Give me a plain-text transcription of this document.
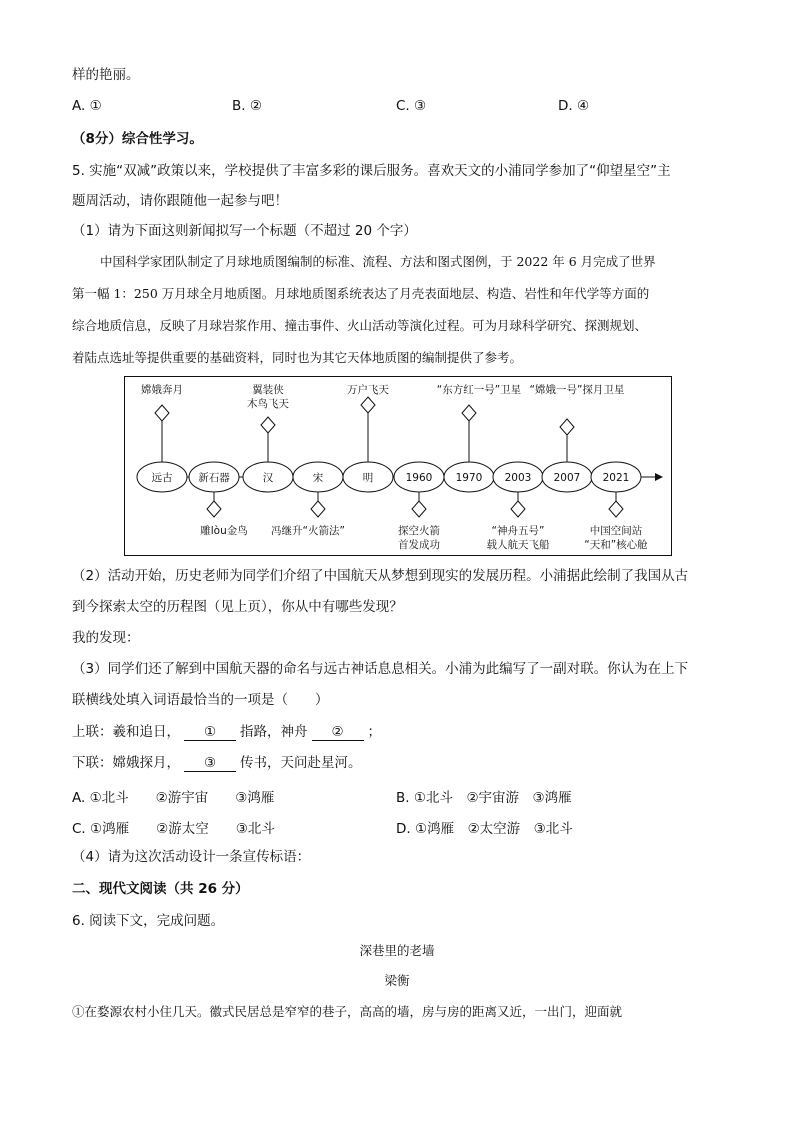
样的艳丽。
A. ①	B. ②	C. ③	D. ④
（8分）综合性学习。
5. 实施“双减”政策以来，学校提供了丰富多彩的课后服务。喜欢天文的小浦同学参加了“仰望星空”主
题周活动，请你跟随他一起参与吧！
（1）请为下面这则新闻拟写一个标题（不超过 20 个字）
中国科学家团队制定了月球地质图编制的标准、流程、方法和图式图例，于 2022 年 6 月完成了世界
第一幅 1：250 万月球全月地质图。月球地质图系统表达了月壳表面地层、构造、岩性和年代学等方面的
综合地质信息，反映了月球岩浆作用、撞击事件、火山活动等演化过程。可为月球科学研究、探测规划、
着陆点选址等提供重要的基础资料，同时也为其它天体地质图的编制提供了参考。
远古 新石器	汉	宋	明	1960 1970 2003 2007 2021
嫦娥奔月	翼装侠
木鸟飞天
万户飞天	“东方红一号”卫星 “嫦娥一号”探月卫星
雕lòu金鸟 冯继升“火箭法”	探空火箭
首发成功
“神舟五号”
载人航天飞船
中国空间站
“天和”核心舱
（2）活动开始，历史老师为同学们介绍了中国航天从梦想到现实的发展历程。小浦据此绘制了我国从古
到今探索太空的历程图（见上页），你从中有哪些发现？
我的发现：
（3）同学们还了解到中国航天器的命名与远古神话息息相关。小浦为此编写了一副对联。你认为在上下
联横线处填入词语最恰当的一项是（　　）
上联：羲和追日， ① 指路，神舟 ② ；
下联：嫦娥探月， ③ 传书，天问赴星河。
A. ①北斗　　②游宇宙　　③鸿雁	B. ①北斗　②宇宙游　③鸿雁
C. ①鸿雁　　②游太空　　③北斗	D. ①鸿雁　②太空游　③北斗
（4）请为这次活动设计一条宣传标语：
二、现代文阅读（共 26 分）
6. 阅读下文，完成问题。
深巷里的老墙
梁衡
①在婺源农村小住几天。徽式民居总是窄窄的巷子，高高的墙，房与房的距离又近，一出门，迎面就
